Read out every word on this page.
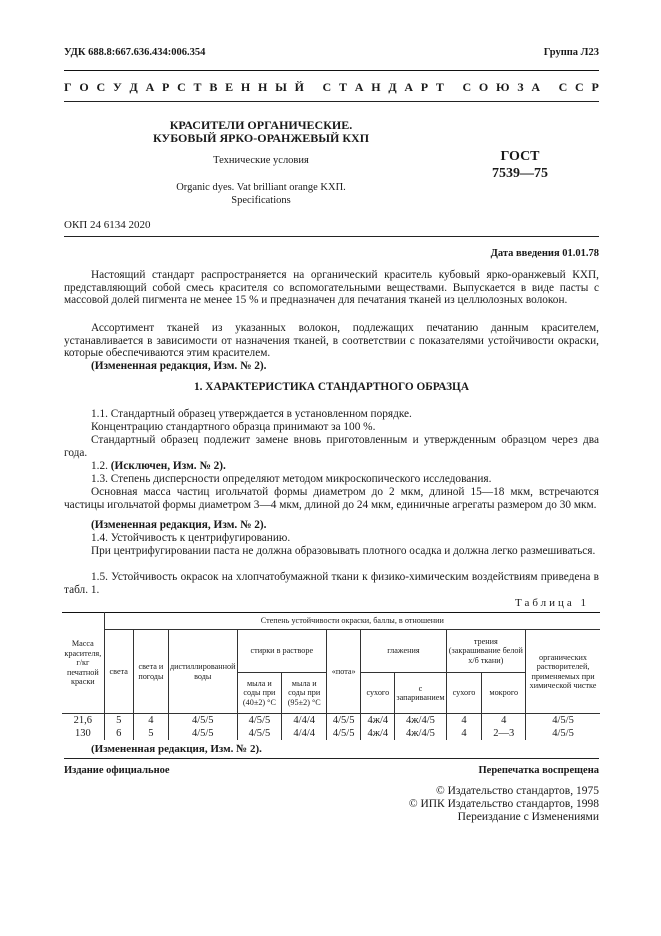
УДК 688.8:667.636.434:006.354	Группа Л23
Г О С У Д А Р С Т В Е Н Н Ы Й
С Т А Н Д А Р Т
С О Ю З А
С С Р
КРАСИТЕЛИ ОРГАНИЧЕСКИЕ.
КУБОВЫЙ ЯРКО-ОРАНЖЕВЫЙ КХП
Технические условия
Organic dyes. Vat brilliant orange KXП.
Specifications
ГОСТ
7539—75
ОКП 24 6134 2020
Дата введения 01.01.78
Настоящий стандарт распространяется на органический краситель кубовый ярко-оранжевый КХП, представляющий собой смесь красителя со вспомогательными веществами. Выпускается в виде пасты с массовой долей пигмента не менее 15 % и предназначен для печатания тканей из целлюлозных волокон.
Ассортимент тканей из указанных волокон, подлежащих печатанию данным красителем, устанавливается в зависимости от назначения тканей, в соответствии с показателями устойчивости окраски, которые обеспечиваются этим красителем.
(Измененная редакция, Изм. № 2).
1. ХАРАКТЕРИСТИКА СТАНДАРТНОГО ОБРАЗЦА
1.1. Стандартный образец утверждается в установленном порядке.
Концентрацию стандартного образца принимают за 100 %.
Стандартный образец подлежит замене вновь приготовленным и утвержденным образцом через два года.
1.2. (Исключен, Изм. № 2).
1.3. Степень дисперсности определяют методом микроскопического исследования.
Основная масса частиц игольчатой формы диаметром до 2 мкм, длиной 15—18 мкм, встречаются частицы игольчатой формы диаметром 3—4 мкм, длиной до 24 мкм, единичные агрегаты размером до 30 мкм.
(Измененная редакция, Изм. № 2).
1.4. Устойчивость к центрифугированию.
При центрифугировании паста не должна образовывать плотного осадка и должна легко размешиваться.
1.5. Устойчивость окрасок на хлопчатобумажной ткани к физико-химическим воздействиям приведена в табл. 1.
Таблица 1
Масса красителя, г/кг печатной краски	Степень устойчивости окраски, баллы, в отношении										
	света	света и погоды	дистиллированной воды	стирки в растворе		«пота»	глажения		трения (закрашивание белой х/б ткани)		органических растворителей, применяемых при химической чистке
				мыла и соды при (40±2) °С	мыла и соды при (95±2) °С		сухого	с запариванием	сухого	мокрого	
21,6	5	4	4/5/5	4/5/5	4/4/4	4/5/5	4ж/4	4ж/4/5	4	4	4/5/5
130	6	5	4/5/5	4/5/5	4/4/4	4/5/5	4ж/4	4ж/4/5	4	2—3	4/5/5
(Измененная редакция, Изм. № 2).
Издание официальное	Перепечатка воспрещена
© Издательство стандартов, 1975
© ИПК Издательство стандартов, 1998
Переиздание с Изменениями
